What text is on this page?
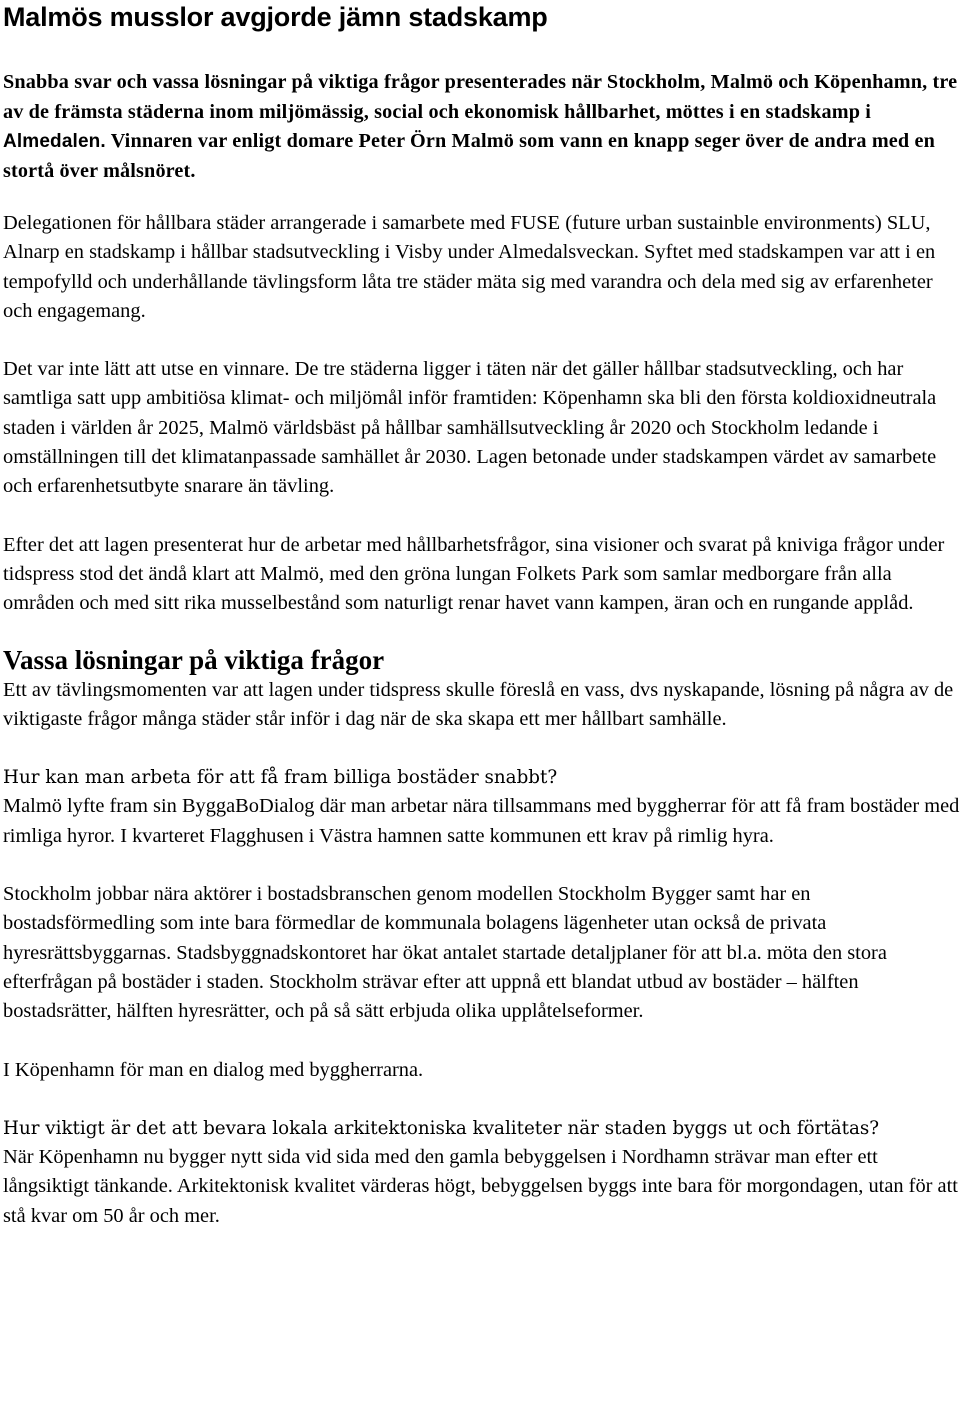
Malmös musslor avgjorde jämn stadskamp

Snabba svar och vassa lösningar på viktiga frågor presenterades när Stockholm, Malmö och Köpenhamn, tre av de främsta städerna inom miljömässig, social och ekonomisk hållbarhet, möttes i en stadskamp i Almedalen. Vinnaren var enligt domare Peter Örn Malmö som vann en knapp seger över de andra med en stortå över målsnöret.

Delegationen för hållbara städer arrangerade i samarbete med FUSE (future urban sustainble environments) SLU, Alnarp en stadskamp i hållbar stadsutveckling i Visby under Almedalsveckan. Syftet med stadskampen var att i en tempofylld och underhållande tävlingsform låta tre städer mäta sig med varandra och dela med sig av erfarenheter och engagemang.

Det var inte lätt att utse en vinnare. De tre städerna ligger i täten när det gäller hållbar stadsutveckling, och har samtliga satt upp ambitiösa klimat- och miljömål inför framtiden: Köpenhamn ska bli den första koldioxidneutrala staden i världen år 2025, Malmö världsbäst på hållbar samhällsutveckling år 2020 och Stockholm ledande i omställningen till det klimatanpassade samhället år 2030. Lagen betonade under stadskampen värdet av samarbete och erfarenhetsutbyte snarare än tävling.

Efter det att lagen presenterat hur de arbetar med hållbarhetsfrågor, sina visioner och svarat på kniviga frågor under tidspress stod det ändå klart att Malmö, med den gröna lungan Folkets Park som samlar medborgare från alla områden och med sitt rika musselbestånd som naturligt renar havet vann kampen, äran och en rungande applåd.

Vassa lösningar på viktiga frågor

Ett av tävlingsmomenten var att lagen under tidspress skulle föreslå en vass, dvs nyskapande, lösning på några av de viktigaste frågor många städer står inför i dag när de ska skapa ett mer hållbart samhälle.

Hur kan man arbeta för att få fram billiga bostäder snabbt?

Malmö lyfte fram sin ByggaBoDialog där man arbetar nära tillsammans med byggherrar för att få fram bostäder med rimliga hyror. I kvarteret Flagghusen i Västra hamnen satte kommunen ett krav på rimlig hyra.

Stockholm jobbar nära aktörer i bostadsbranschen genom modellen Stockholm Bygger samt har en bostadsförmedling som inte bara förmedlar de kommunala bolagens lägenheter utan också de privata hyresrättsbyggarnas. Stadsbyggnadskontoret har ökat antalet startade detaljplaner för att bl.a. möta den stora efterfrågan på bostäder i staden. Stockholm strävar efter att uppnå ett blandat utbud av bostäder – hälften bostadsrätter, hälften hyresrätter, och på så sätt erbjuda olika upplåtelseformer.

I Köpenhamn för man en dialog med byggherrarna.

Hur viktigt är det att bevara lokala arkitektoniska kvaliteter när staden byggs ut och förtätas?

När Köpenhamn nu bygger nytt sida vid sida med den gamla bebyggelsen i Nordhamn strävar man efter ett långsiktigt tänkande. Arkitektonisk kvalitet värderas högt, bebyggelsen byggs inte bara för morgondagen, utan för att stå kvar om 50 år och mer.
